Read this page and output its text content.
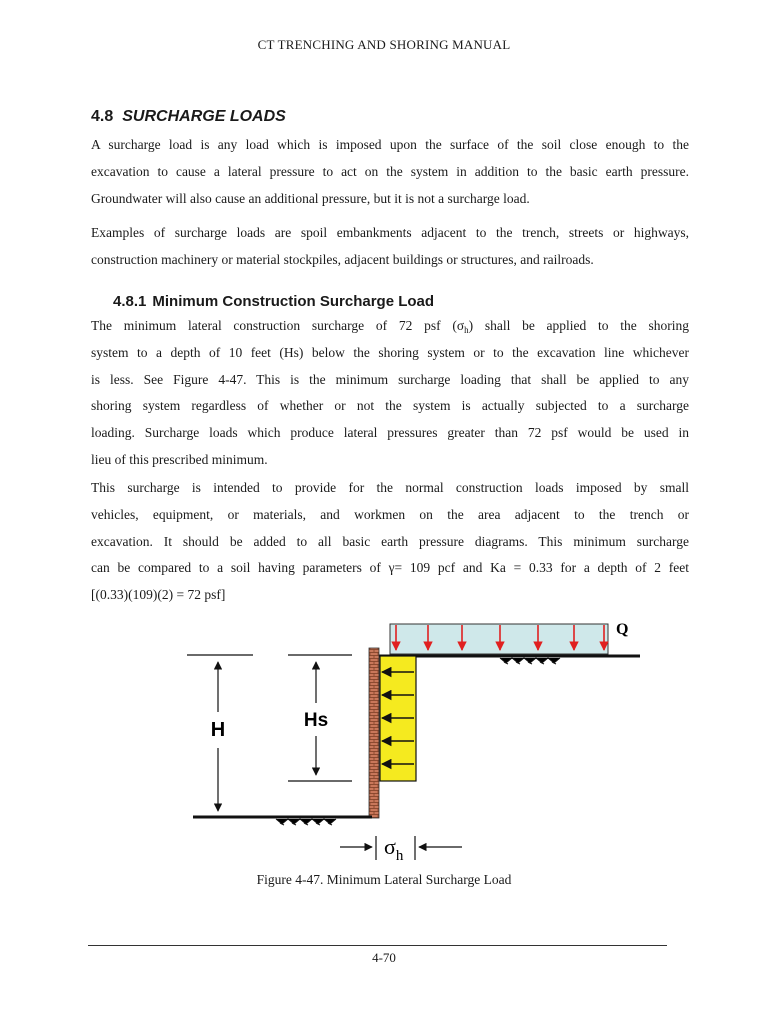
CT TRENCHING AND SHORING MANUAL
4.8 SURCHARGE LOADS
A surcharge load is any load which is imposed upon the surface of the soil close enough to the
excavation to cause a lateral pressure to act on the system in addition to the basic earth pressure.
Groundwater will also cause an additional pressure, but it is not a surcharge load.
Examples of surcharge loads are spoil embankments adjacent to the trench, streets or highways,
construction machinery or material stockpiles, adjacent buildings or structures, and railroads.
4.8.1 Minimum Construction Surcharge Load
The minimum lateral construction surcharge of 72 psf $(\sigma_h)$ shall be applied to the shoring
system to a depth of 10 feet (Hs) below the shoring system or to the excavation line whichever
is less. See Figure 4-47. This is the minimum surcharge loading that shall be applied to any
shoring system regardless of whether or not the system is actually subjected to a surcharge
loading. Surcharge loads which produce lateral pressures greater than 72 psf would be used in
lieu of this prescribed minimum.
This surcharge is intended to provide for the normal construction loads imposed by small
vehicles, equipment, or materials, and workmen on the area adjacent to the trench or
excavation. It should be added to all basic earth pressure diagrams. This minimum surcharge
can be compared to a soil having parameters of γ= 109 pcf and Ka = 0.33 for a depth of 2 feet
[(0.33)(109)(2) = 72 psf]
Q
H	Hs
$\sigma_h$
Figure 4-47. Minimum Lateral Surcharge Load
4-70
